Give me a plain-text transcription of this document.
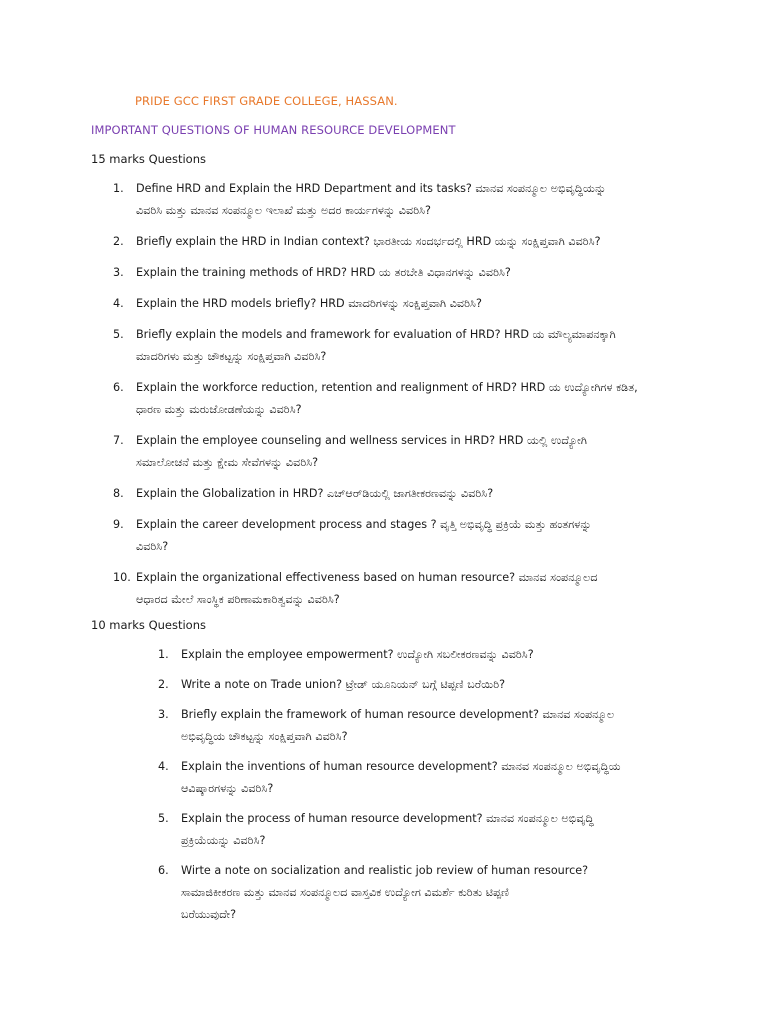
PRIDE GCC FIRST GRADE COLLEGE, HASSAN.
IMPORTANT QUESTIONS OF HUMAN RESOURCE DEVELOPMENT
15 marks Questions
1.	Define HRD and Explain the HRD Department and its tasks? ಮಾನವ ಸಂಪನ್ಮೂಲ ಅಭಿವೃದ್ಧಿಯನ್ನು
ವಿವರಿಸಿ ಮತ್ತು ಮಾನವ ಸಂಪನ್ಮೂಲ ಇಲಾಖೆ ಮತ್ತು ಅದರ ಕಾರ್ಯಗಳನ್ನು ವಿವರಿಸಿ?
2.	Briefly explain the HRD in Indian context? ಭಾರತೀಯ ಸಂದರ್ಭದಲ್ಲಿ HRD ಯನ್ನು ಸಂಕ್ಷಿಪ್ತವಾಗಿ ವಿವರಿಸಿ?
3.	Explain the training methods of HRD? HRD ಯ ತರಬೇತಿ ವಿಧಾನಗಳನ್ನು ವಿವರಿಸಿ?
4.	Explain the HRD models briefly? HRD ಮಾದರಿಗಳನ್ನು ಸಂಕ್ಷಿಪ್ತವಾಗಿ ವಿವರಿಸಿ?
5.	Briefly explain the models and framework for evaluation of HRD? HRD ಯ ಮೌಲ್ಯಮಾಪನಕ್ಕಾಗಿ
ಮಾದರಿಗಳು ಮತ್ತು ಚೌಕಟ್ಟನ್ನು ಸಂಕ್ಷಿಪ್ತವಾಗಿ ವಿವರಿಸಿ?
6.	Explain the workforce reduction, retention and realignment of HRD? HRD ಯ ಉದ್ಯೋಗಿಗಳ ಕಡಿತ,
ಧಾರಣ ಮತ್ತು ಮರುಜೋಡಣೆಯನ್ನು ವಿವರಿಸಿ?
7.	Explain the employee counseling and wellness services in HRD? HRD ಯಲ್ಲಿ ಉದ್ಯೋಗಿ
ಸಮಾಲೋಚನೆ ಮತ್ತು ಕ್ಷೇಮ ಸೇವೆಗಳನ್ನು ವಿವರಿಸಿ?
8.	Explain the Globalization in HRD? ಎಚ್‌ಆರ್‌ಡಿಯಲ್ಲಿ ಜಾಗತೀಕರಣವನ್ನು ವಿವರಿಸಿ?
9.	Explain the career development process and stages ? ವೃತ್ತಿ ಅಭಿವೃದ್ಧಿ ಪ್ರಕ್ರಿಯೆ ಮತ್ತು ಹಂತಗಳನ್ನು
ವಿವರಿಸಿ?
10. Explain the organizational effectiveness based on human resource? ಮಾನವ ಸಂಪನ್ಮೂಲದ
ಆಧಾರದ ಮೇಲೆ ಸಾಂಸ್ಥಿಕ ಪರಿಣಾಮಕಾರಿತ್ವವನ್ನು ವಿವರಿಸಿ?
10 marks Questions
1.	Explain the employee empowerment? ಉದ್ಯೋಗಿ ಸಬಲೀಕರಣವನ್ನು ವಿವರಿಸಿ?
2.	Write a note on Trade union? ಟ್ರೇಡ್ ಯೂನಿಯನ್ ಬಗ್ಗೆ ಟಿಪ್ಪಣಿ ಬರೆಯಿರಿ?
3.	Briefly explain the framework of human resource development? ಮಾನವ ಸಂಪನ್ಮೂಲ
ಅಭಿವೃದ್ಧಿಯ ಚೌಕಟ್ಟನ್ನು ಸಂಕ್ಷಿಪ್ತವಾಗಿ ವಿವರಿಸಿ?
4.	Explain the inventions of human resource development? ಮಾನವ ಸಂಪನ್ಮೂಲ ಅಭಿವೃದ್ಧಿಯ
ಆವಿಷ್ಕಾರಗಳನ್ನು ವಿವರಿಸಿ?
5.	Explain the process of human resource development? ಮಾನವ ಸಂಪನ್ಮೂಲ ಅಭಿವೃದ್ಧಿ
ಪ್ರಕ್ರಿಯೆಯನ್ನು ವಿವರಿಸಿ?
6.	Wirte a note on socialization and realistic job review of human resource?
ಸಾಮಾಜಿಕೀಕರಣ ಮತ್ತು ಮಾನವ ಸಂಪನ್ಮೂಲದ ವಾಸ್ತವಿಕ ಉದ್ಯೋಗ ವಿಮರ್ಶೆ ಕುರಿತು ಟಿಪ್ಪಣಿ
ಬರೆಯುವುದೇ?
